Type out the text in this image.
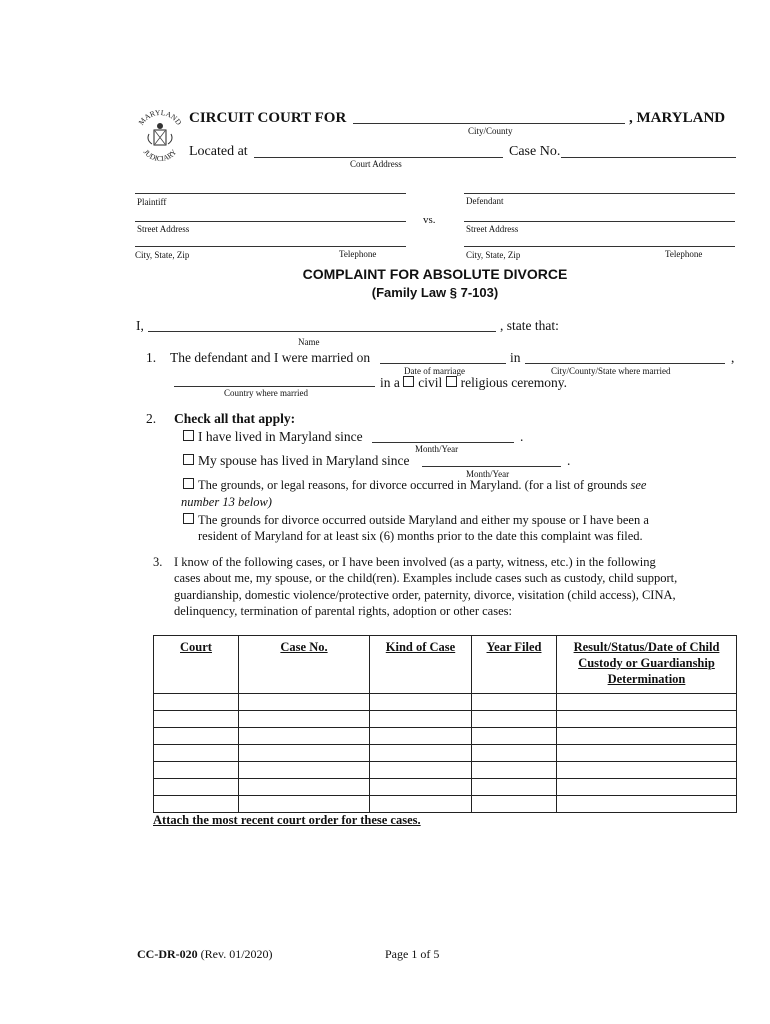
MARYLAND
JUDICIARY
CIRCUIT COURT FOR	, MARYLAND
City/County
Located at
Court Address
Case No.
Plaintiff
Street Address
City, State, Zip	Telephone
vs.
Defendant
Street Address
City, State, Zip	Telephone
COMPLAINT FOR ABSOLUTE DIVORCE
(Family Law § 7-103)
I,	, state that:
Name
1. The defendant and I were married on	in	,
Date of marriage	City/County/State where married
Country where married
in a civil religious ceremony.
2. Check all that apply:
I have lived in Maryland since	.
Month/Year
My spouse has lived in Maryland since	.
Month/Year
The grounds, or legal reasons, for divorce occurred in Maryland. (for a list of grounds see
number 13 below)
The grounds for divorce occurred outside Maryland and either my spouse or I have been a
resident of Maryland for at least six (6) months prior to the date this complaint was filed.
3. I know of the following cases, or I have been involved (as a party, witness, etc.) in the following
cases about me, my spouse, or the child(ren). Examples include cases such as custody, child support,
guardianship, domestic violence/protective order, paternity, divorce, visitation (child access), CINA,
delinquency, termination of parental rights, adoption or other cases:
Court	Case No.	Kind of Case	Year Filed	Result/Status/Date of Child Custody or Guardianship Determination

Attach the most recent court order for these cases.
CC-DR-020 (Rev. 01/2020)	Page 1 of 5
